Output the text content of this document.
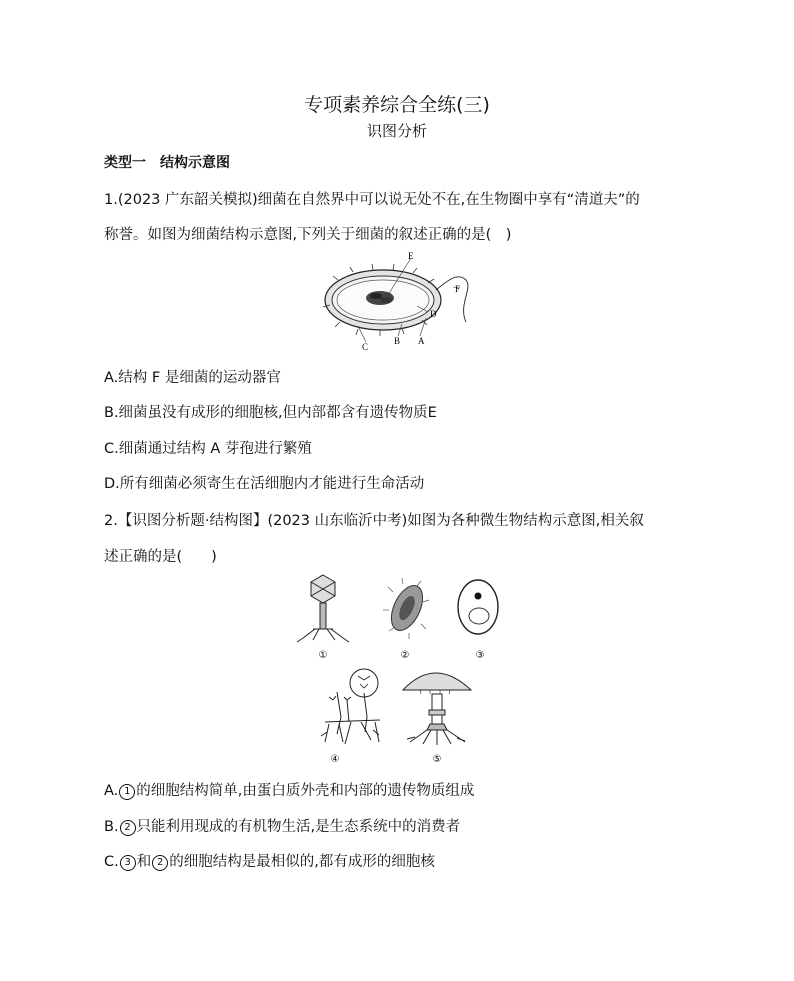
专项素养综合全练(三)
识图分析
类型一　结构示意图
1.(2023 广东韶关模拟)细菌在自然界中可以说无处不在,在生物圈中享有“清道夫”的
称誉。如图为细菌结构示意图,下列关于细菌的叙述正确的是(　)
E
F
D
A
B
C
A.结构 F 是细菌的运动器官
B.细菌虽没有成形的细胞核,但内部都含有遗传物质E
C.细菌通过结构 A 芽孢进行繁殖
D.所有细菌必须寄生在活细胞内才能进行生命活动
2.【识图分析题·结构图】(2023 山东临沂中考)如图为各种微生物结构示意图,相关叙
述正确的是(　　)
①	②	③
④	⑤
A. 1 的细胞结构简单,由蛋白质外壳和内部的遗传物质组成
B. 2 只能利用现成的有机物生活,是生态系统中的消费者
C. 3 和 2 的细胞结构是最相似的,都有成形的细胞核
